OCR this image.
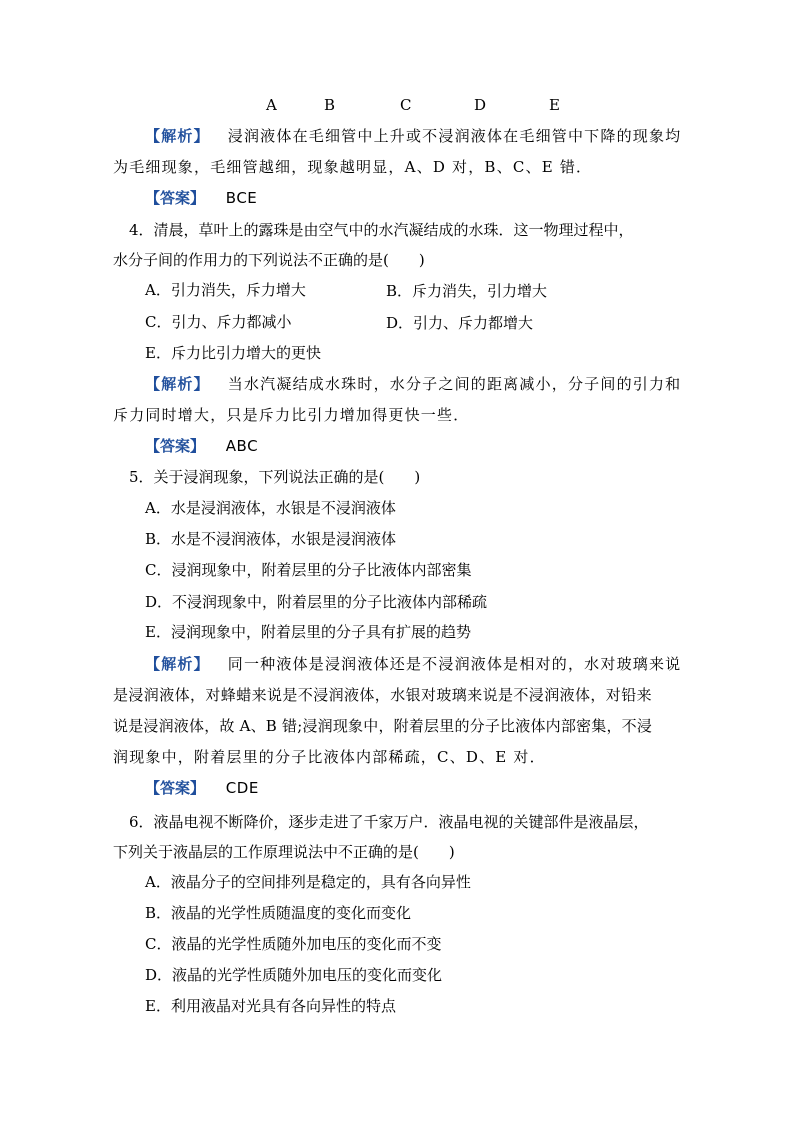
A	B	C	D	E
【解析】 浸润液体在毛细管中上升或不浸润液体在毛细管中下降的现象均
为毛细现象，毛细管越细，现象越明显，A、D 对，B、C、E 错．
【答案】 BCE
4．清晨，草叶上的露珠是由空气中的水汽凝结成的水珠．这一物理过程中，
水分子间的作用力的下列说法不正确的是(　　)
A．引力消失，斥力增大	B．斥力消失，引力增大
C．引力、斥力都减小	D．引力、斥力都增大
E．斥力比引力增大的更快
【解析】 当水汽凝结成水珠时，水分子之间的距离减小，分子间的引力和
斥力同时增大，只是斥力比引力增加得更快一些．
【答案】 ABC
5．关于浸润现象，下列说法正确的是(　　)
A．水是浸润液体，水银是不浸润液体
B．水是不浸润液体，水银是浸润液体
C．浸润现象中，附着层里的分子比液体内部密集
D．不浸润现象中，附着层里的分子比液体内部稀疏
E．浸润现象中，附着层里的分子具有扩展的趋势
【解析】 同一种液体是浸润液体还是不浸润液体是相对的，水对玻璃来说
是浸润液体，对蜂蜡来说是不浸润液体，水银对玻璃来说是不浸润液体，对铅来
说是浸润液体，故 A、B 错;浸润现象中，附着层里的分子比液体内部密集，不浸
润现象中，附着层里的分子比液体内部稀疏，C、D、E 对．
【答案】 CDE
6．液晶电视不断降价，逐步走进了千家万户．液晶电视的关键部件是液晶层，
下列关于液晶层的工作原理说法中不正确的是(　　)
A．液晶分子的空间排列是稳定的，具有各向异性
B．液晶的光学性质随温度的变化而变化
C．液晶的光学性质随外加电压的变化而不变
D．液晶的光学性质随外加电压的变化而变化
E．利用液晶对光具有各向异性的特点
